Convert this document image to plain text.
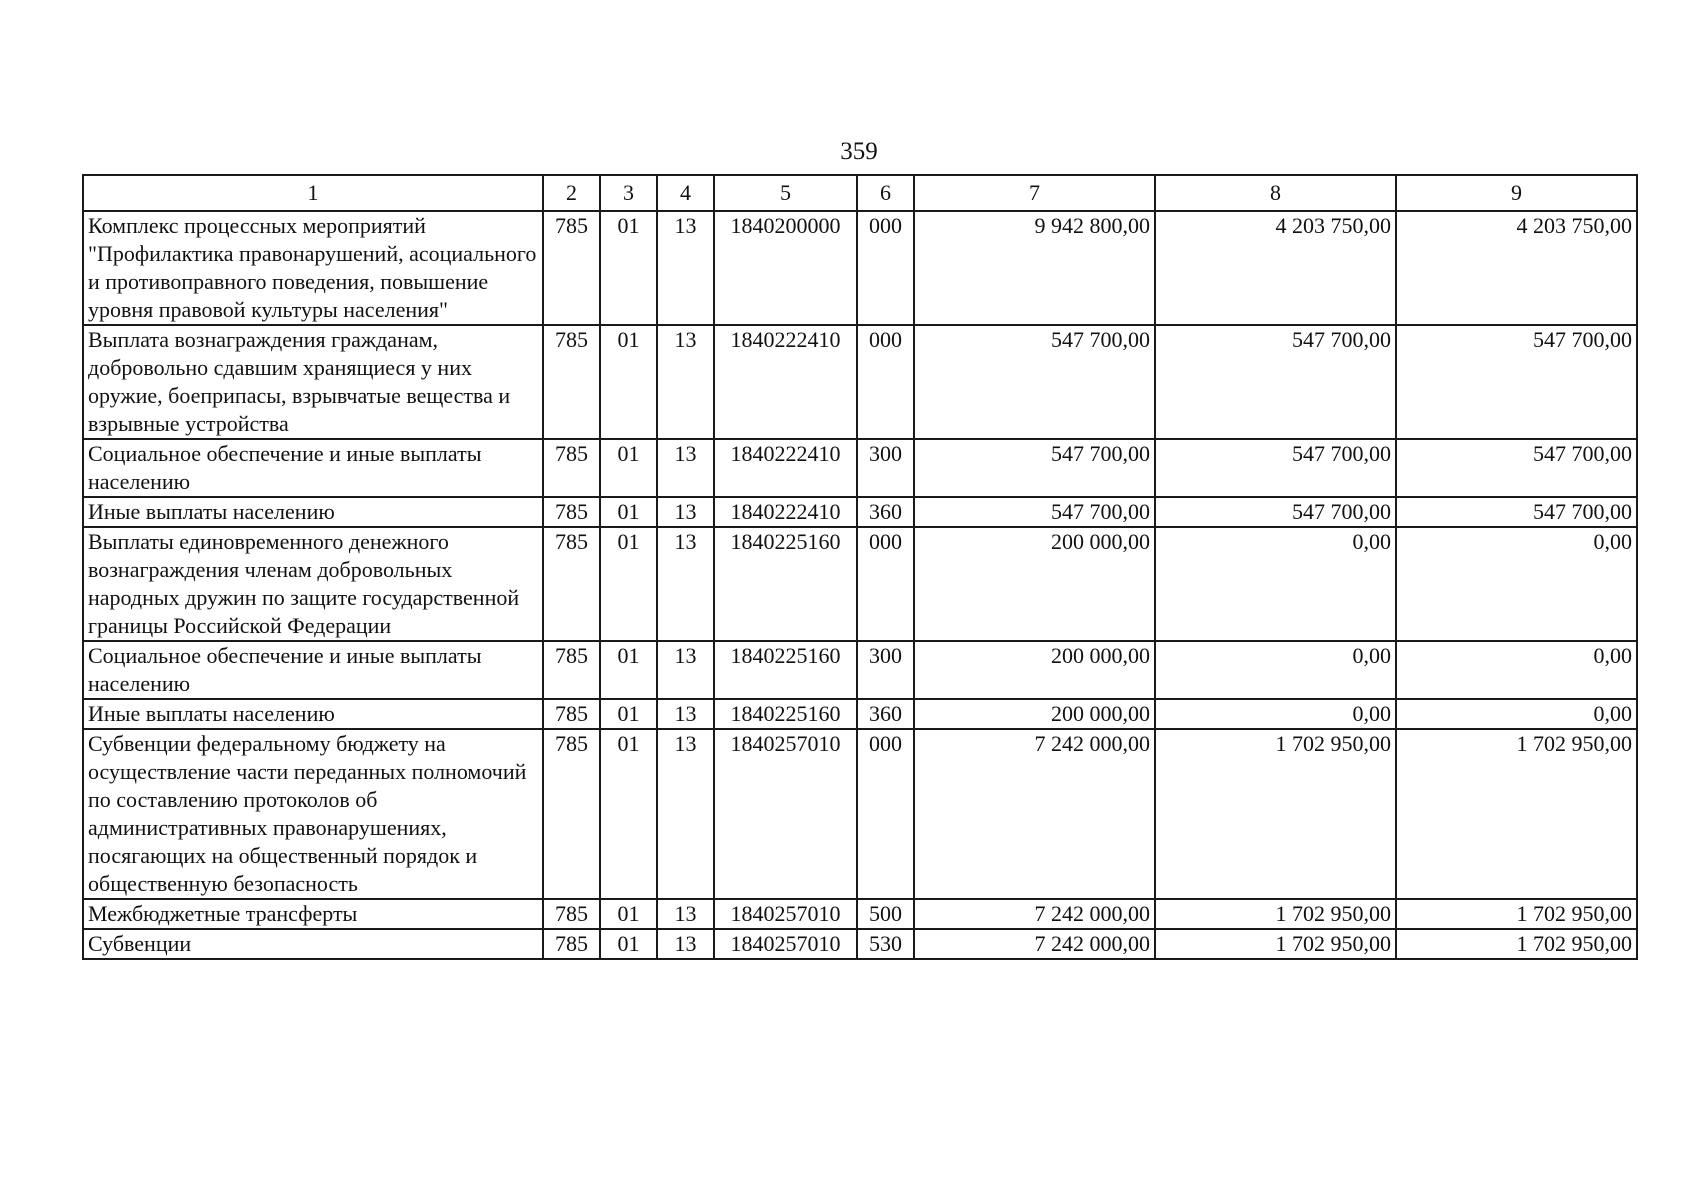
359
1	2	3	4	5	6	7	8	9
Комплекс процессных мероприятий "Профилактика правонарушений, асоциального и противоправного поведения, повышение уровня правовой культуры населения"	785	01	13	1840200000	000	9 942 800,00	4 203 750,00	4 203 750,00
Выплата вознаграждения гражданам, добровольно сдавшим хранящиеся у них оружие, боеприпасы, взрывчатые вещества и взрывные устройства	785	01	13	1840222410	000	547 700,00	547 700,00	547 700,00
Социальное обеспечение и иные выплаты населению	785	01	13	1840222410	300	547 700,00	547 700,00	547 700,00
Иные выплаты населению	785	01	13	1840222410	360	547 700,00	547 700,00	547 700,00
Выплаты единовременного денежного вознаграждения членам добровольных народных дружин по защите государственной границы Российской Федерации	785	01	13	1840225160	000	200 000,00	0,00	0,00
Социальное обеспечение и иные выплаты населению	785	01	13	1840225160	300	200 000,00	0,00	0,00
Иные выплаты населению	785	01	13	1840225160	360	200 000,00	0,00	0,00
Субвенции федеральному бюджету на осуществление части переданных полномочий по составлению протоколов об административных правонарушениях, посягающих на общественный порядок и общественную безопасность	785	01	13	1840257010	000	7 242 000,00	1 702 950,00	1 702 950,00
Межбюджетные трансферты	785	01	13	1840257010	500	7 242 000,00	1 702 950,00	1 702 950,00
Субвенции	785	01	13	1840257010	530	7 242 000,00	1 702 950,00	1 702 950,00
